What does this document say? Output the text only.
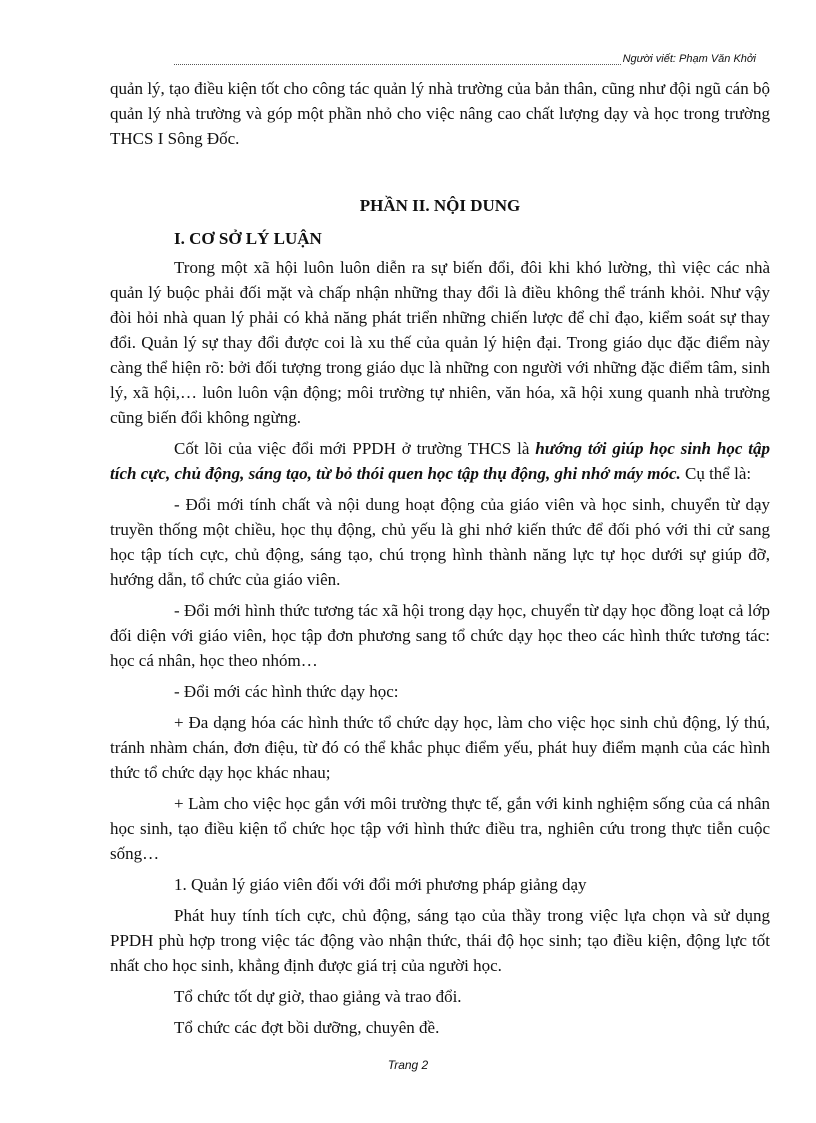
Người viết: Phạm Văn Khởi

quản lý, tạo điều kiện tốt cho công tác quản lý nhà trường của bản thân, cũng như đội ngũ cán bộ quản lý nhà trường và góp một phần nhỏ cho việc nâng cao chất lượng dạy và học trong trường THCS I Sông Đốc.

PHẦN II. NỘI DUNG

I. CƠ SỞ LÝ LUẬN

Trong một xã hội luôn luôn diễn ra sự biến đổi, đôi khi khó lường, thì việc các nhà quản lý buộc phải đối mặt và chấp nhận những thay đổi là điều không thể tránh khỏi. Như vậy đòi hỏi nhà quan lý phải có khả năng phát triển những chiến lược để chỉ đạo, kiểm soát sự thay đổi. Quản lý sự thay đổi được coi là xu thế của quản lý hiện đại. Trong giáo dục đặc điểm này càng thể hiện rõ: bởi đối tượng trong giáo dục là những con người với những đặc điểm tâm, sinh lý, xã hội,… luôn luôn vận động; môi trường tự nhiên, văn hóa, xã hội xung quanh nhà trường cũng biến đổi không ngừng.

Cốt lõi của việc đổi mới PPDH ở trường THCS là hướng tới giúp học sinh học tập tích cực, chủ động, sáng tạo, từ bỏ thói quen học tập thụ động, ghi nhớ máy móc. Cụ thể là:

- Đổi mới tính chất và nội dung hoạt động của giáo viên và học sinh, chuyển từ dạy truyền thống một chiều, học thụ động, chủ yếu là ghi nhớ kiến thức để đối phó với thi cử sang học tập tích cực, chủ động, sáng tạo, chú trọng hình thành năng lực tự học dưới sự giúp đỡ, hướng dẫn, tổ chức của giáo viên.

- Đổi mới hình thức tương tác xã hội trong dạy học, chuyển từ dạy học đồng loạt cả lớp đối diện với giáo viên, học tập đơn phương sang tổ chức dạy học theo các hình thức tương tác: học cá nhân, học theo nhóm…

- Đổi mới các hình thức dạy học:

+ Đa dạng hóa các hình thức tổ chức dạy học, làm cho việc học sinh chủ động, lý thú, tránh nhàm chán, đơn điệu, từ đó có thể khắc phục điểm yếu, phát huy điểm mạnh của các hình thức tổ chức dạy học khác nhau;

+ Làm cho việc học gắn với môi trường thực tế, gắn với kinh nghiệm sống của cá nhân học sinh, tạo điều kiện tổ chức học tập với hình thức điều tra, nghiên cứu trong thực tiễn cuộc sống…

1. Quản lý giáo viên đối với đổi mới phương pháp giảng dạy

Phát huy tính tích cực, chủ động, sáng tạo của thầy trong việc lựa chọn và sử dụng PPDH phù hợp trong việc tác động vào nhận thức, thái độ học sinh; tạo điều kiện, động lực tốt nhất cho học sinh, khẳng định được giá trị của người học.

Tổ chức tốt dự giờ, thao giảng và trao đổi.

Tổ chức các đợt bồi dưỡng, chuyên đề.

Trang 2
